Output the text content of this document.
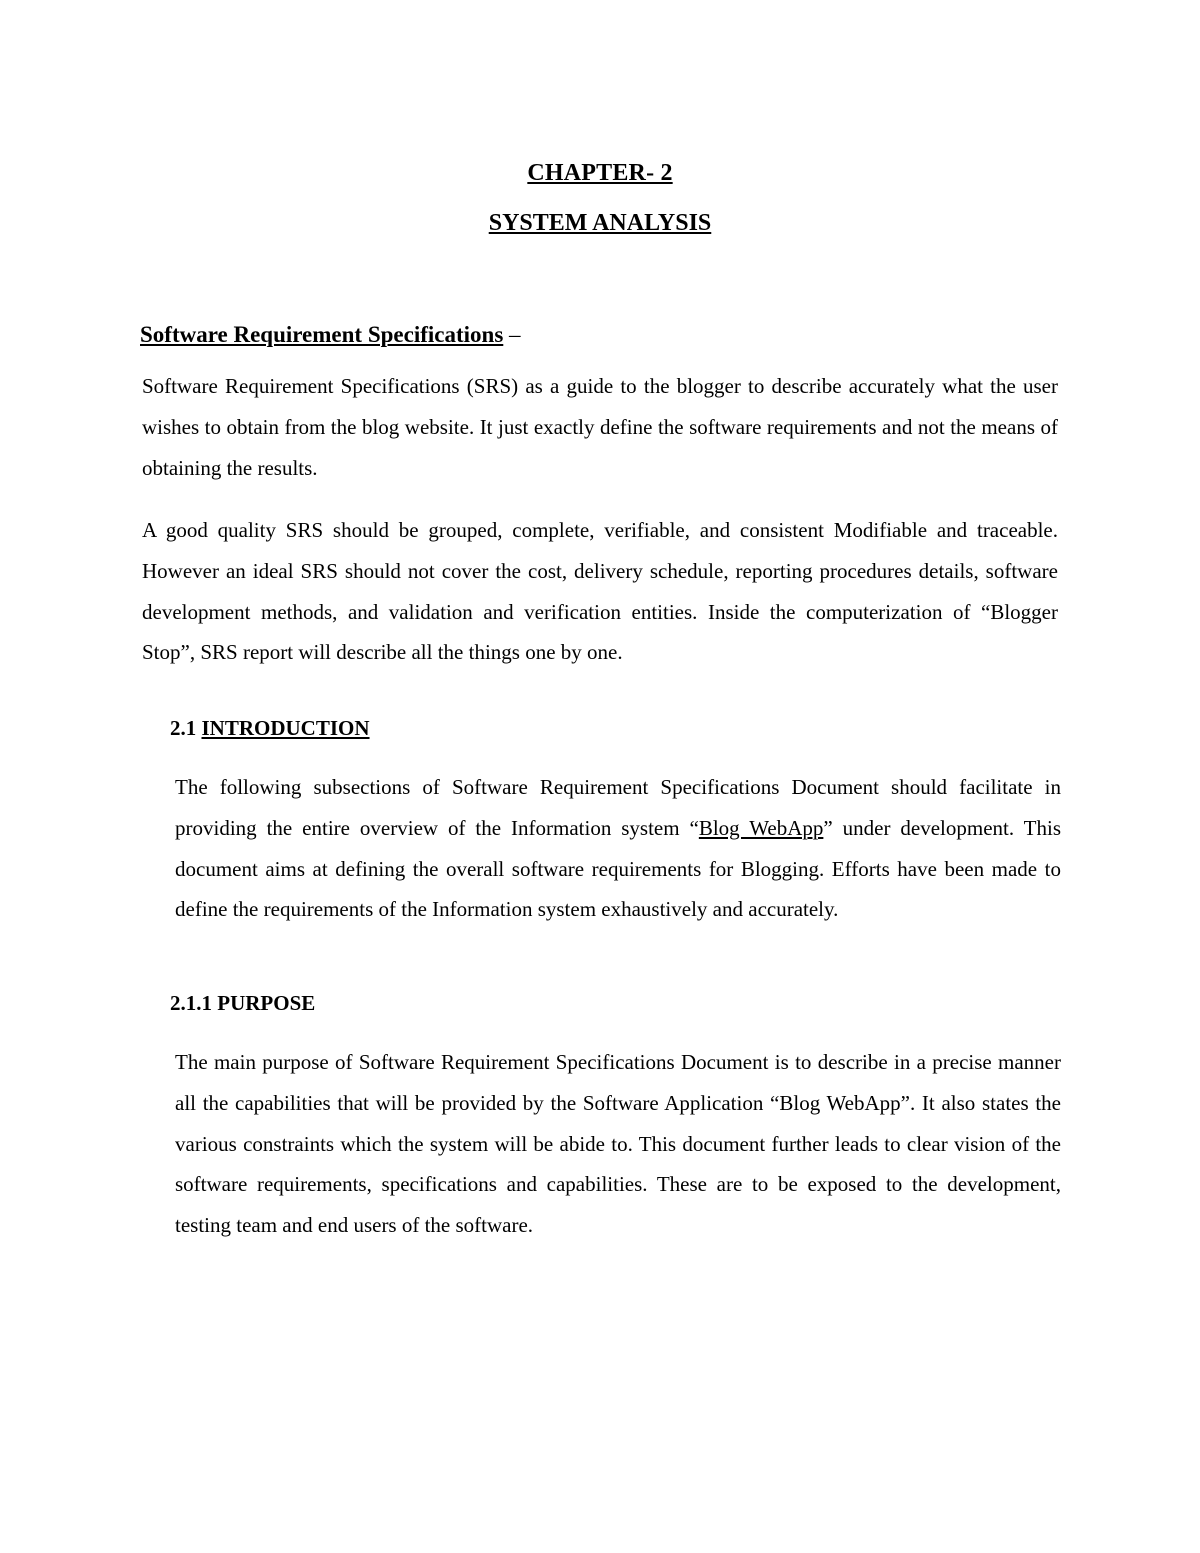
CHAPTER- 2
SYSTEM ANALYSIS
Software Requirement Specifications –
Software Requirement Specifications (SRS) as a guide to the blogger to describe accurately what the user wishes to obtain from the blog website. It just exactly define the software requirements and not the means of obtaining the results.
A good quality SRS should be grouped, complete, verifiable, and consistent Modifiable and traceable. However an ideal SRS should not cover the cost, delivery schedule, reporting procedures details, software development methods, and validation and verification entities. Inside the computerization of “Blogger Stop”, SRS report will describe all the things one by one.
2.1 INTRODUCTION
The following subsections of Software Requirement Specifications Document should facilitate in providing the entire overview of the Information system “Blog WebApp” under development. This document aims at defining the overall software requirements for Blogging. Efforts have been made to define the requirements of the Information system exhaustively and accurately.
2.1.1 PURPOSE
The main purpose of Software Requirement Specifications Document is to describe in a precise manner all the capabilities that will be provided by the Software Application “Blog WebApp”. It also states the various constraints which the system will be abide to. This document further leads to clear vision of the software requirements, specifications and capabilities. These are to be exposed to the development, testing team and end users of the software.
